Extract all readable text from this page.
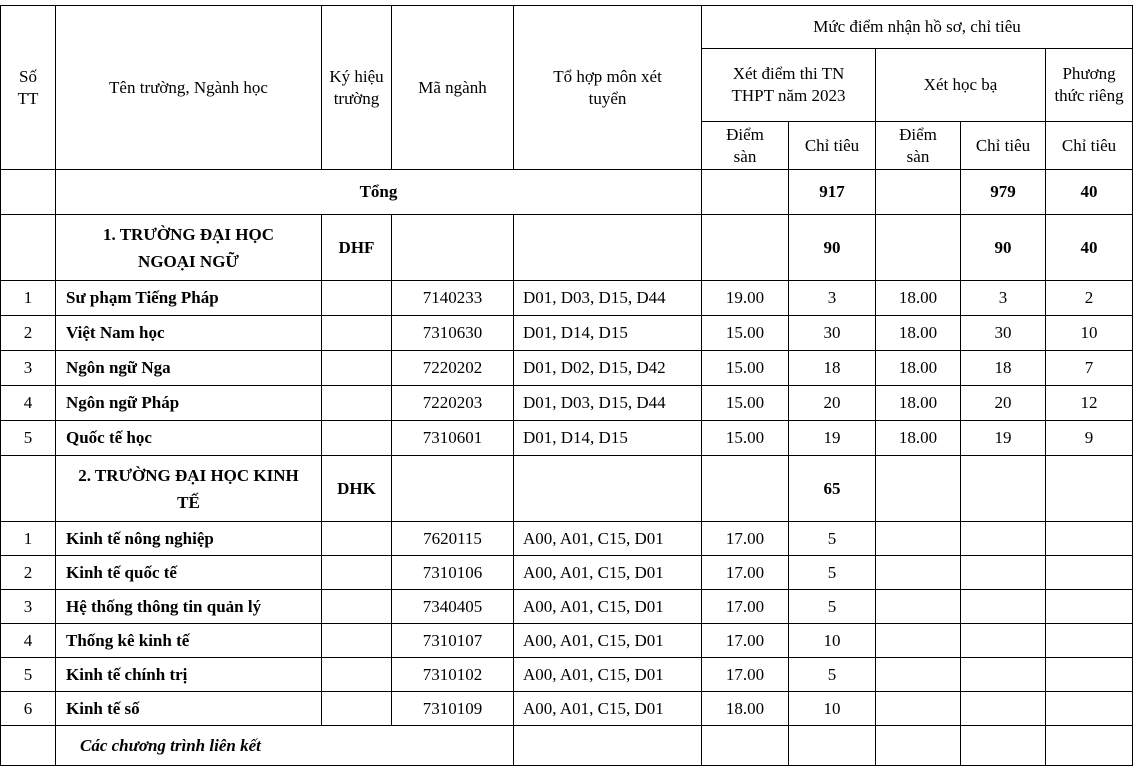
Số TT	Tên trường, Ngành học	Ký hiệu trường	Mã ngành	Tổ hợp môn xét tuyển	Mức điểm nhận hồ sơ, chỉ tiêu				
					Xét điểm thi TN THPT năm 2023		Xét học bạ		Phương thức riêng
					Điểm sàn	Chỉ tiêu	Điểm sàn	Chỉ tiêu	Chỉ tiêu
	Tổng					917		979	40
	1. TRƯỜNG ĐẠI HỌC NGOẠI NGỮ	DHF				90		90	40
1	Sư phạm Tiếng Pháp		7140233	D01, D03, D15, D44	19.00	3	18.00	3	2
2	Việt Nam học		7310630	D01, D14, D15	15.00	30	18.00	30	10
3	Ngôn ngữ Nga		7220202	D01, D02, D15, D42	15.00	18	18.00	18	7
4	Ngôn ngữ Pháp		7220203	D01, D03, D15, D44	15.00	20	18.00	20	12
5	Quốc tế học		7310601	D01, D14, D15	15.00	19	18.00	19	9
	2. TRƯỜNG ĐẠI HỌC KINH TẾ	DHK				65			
1	Kinh tế nông nghiệp		7620115	A00, A01, C15, D01	17.00	5			
2	Kinh tế quốc tế		7310106	A00, A01, C15, D01	17.00	5			
3	Hệ thống thông tin quản lý		7340405	A00, A01, C15, D01	17.00	5			
4	Thống kê kinh tế		7310107	A00, A01, C15, D01	17.00	10			
5	Kinh tế chính trị		7310102	A00, A01, C15, D01	17.00	5			
6	Kinh tế số		7310109	A00, A01, C15, D01	18.00	10			
	Các chương trình liên kết								
